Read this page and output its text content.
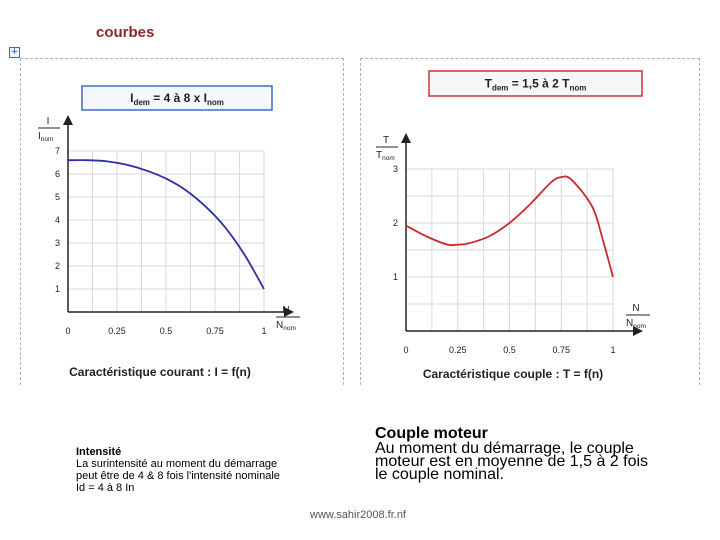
courbes
+
$I_{dem} = 4$ à 8 x $I_{nom}$
0	0.25	0.5	0.75	1
1
2
3
4
5
6
7
I
$I_{nom}$
N
$N_{nom}$
Caractéristique courant : I = f(n)
$T_{dem} = 1,5$ à 2 $T_{nom}$
0	0.25	0.5	0.75	1
1
2
3
T
$T_{nom}$
N
$N_{nom}$
Caractéristique couple : T = f(n)
Intensité
La surintensité au moment du démarrage
peut être de 4 & 8 fois l'intensité nominale
Id = 4 à 8 In
Couple moteur
Au moment du démarrage, le couple
moteur est en moyenne de 1,5 à 2 fois
le couple nominal.
www.sahir2008.fr.nf
